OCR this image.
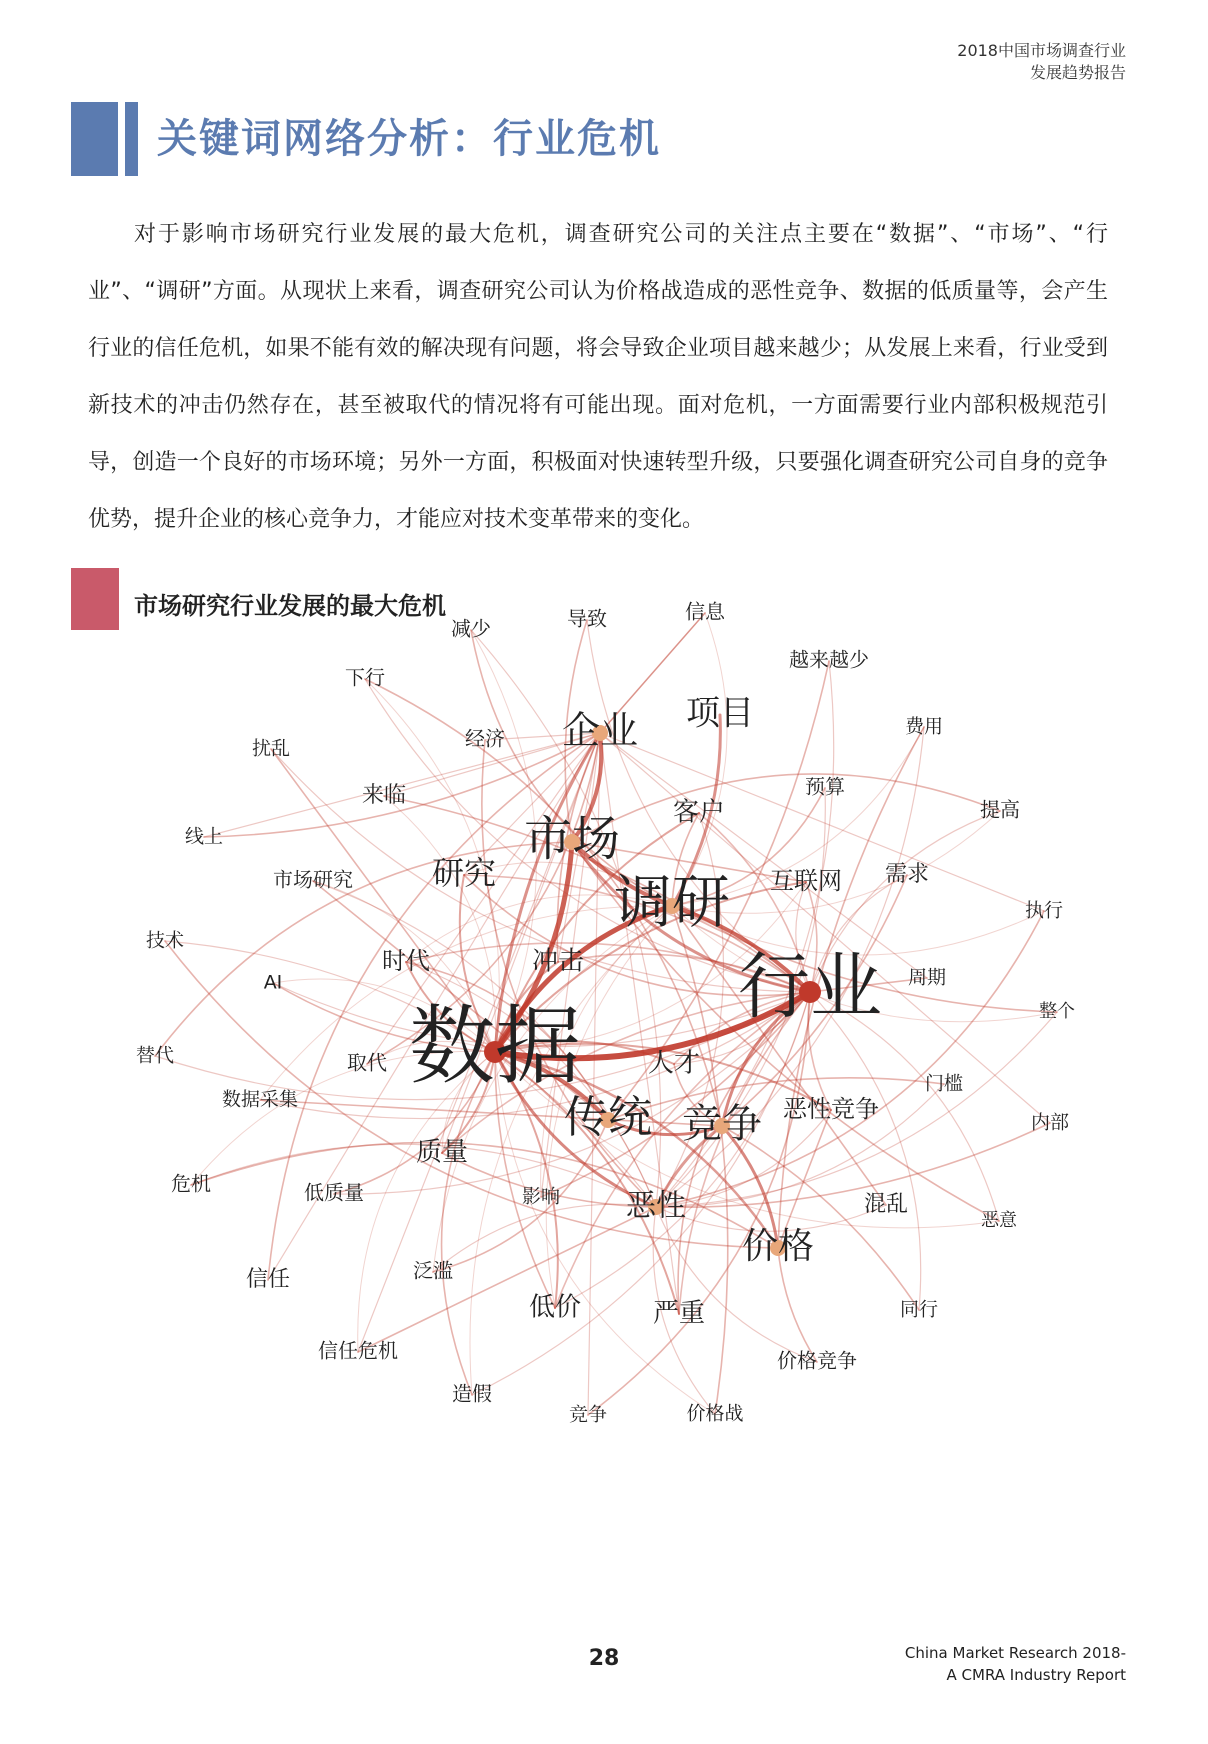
2018中国市场调查行业
发展趋势报告
关键词网络分析：行业危机

对于影响市场研究行业发展的最大危机，调查研究公司的关注点主要在“数据”、“市场”、“行业”、“调研”方面。从现状上来看，调查研究公司认为价格战造成的恶性竞争、数据的低质量等，会产生行业的信任危机，如果不能有效的解决现有问题，将会导致企业项目越来越少；从发展上来看，行业受到新技术的冲击仍然存在，甚至被取代的情况将有可能出现。面对危机，一方面需要行业内部积极规范引导，创造一个良好的市场环境；另外一方面，积极面对快速转型升级，只要强化调查研究公司自身的竞争优势，提升企业的核心竞争力，才能应对技术变革带来的变化。

市场研究行业发展的最大危机
数据
行业
调研
市场
企业 项目
传统 竞争
恶性
价格
研究
客户
互联网
冲击
时代
人才
质量
恶性竞争
低价	严重
减少	导致	信息
越来越少
下行
经济	费用
扰乱
来临	预算
提高
线上
市场研究	需求
执行
技术
AI	周期
整个
替代	取代
门槛
数据采集
内部
危机	低质量	影响	混乱
恶意
信任	泛滥
同行
信任危机	价格竞争
造假
竞争	价格战
28	China Market Research 2018-
A CMRA Industry Report
